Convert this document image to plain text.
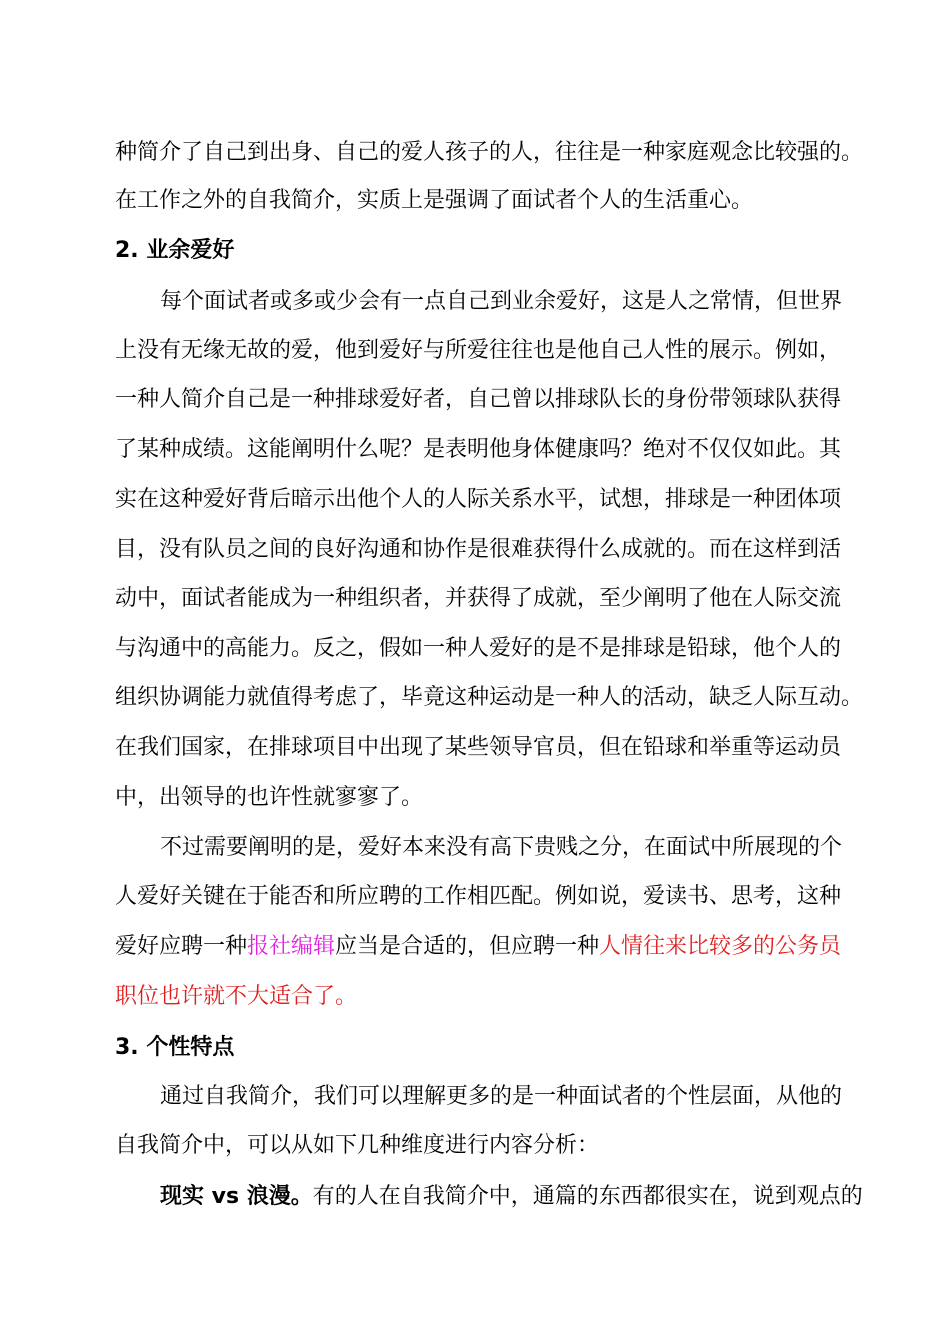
种简介了自己到出身、自己的爱人孩子的人，往往是一种家庭观念比较强的。
在工作之外的自我简介，实质上是强调了面试者个人的生活重心。
2. 业余爱好
每个面试者或多或少会有一点自己到业余爱好，这是人之常情，但世界
上没有无缘无故的爱，他到爱好与所爱往往也是他自己人性的展示。例如，
一种人简介自己是一种排球爱好者，自己曾以排球队长的身份带领球队获得
了某种成绩。这能阐明什么呢？是表明他身体健康吗？绝对不仅仅如此。其
实在这种爱好背后暗示出他个人的人际关系水平，试想，排球是一种团体项
目，没有队员之间的良好沟通和协作是很难获得什么成就的。而在这样到活
动中，面试者能成为一种组织者，并获得了成就，至少阐明了他在人际交流
与沟通中的高能力。反之，假如一种人爱好的是不是排球是铅球，他个人的
组织协调能力就值得考虑了，毕竟这种运动是一种人的活动，缺乏人际互动。
在我们国家，在排球项目中出现了某些领导官员，但在铅球和举重等运动员
中，出领导的也许性就寥寥了。
不过需要阐明的是，爱好本来没有高下贵贱之分，在面试中所展现的个
人爱好关键在于能否和所应聘的工作相匹配。例如说，爱读书、思考，这种
爱好应聘一种报社编辑应当是合适的，但应聘一种人情往来比较多的公务员
职位也许就不大适合了。
3. 个性特点
通过自我简介，我们可以理解更多的是一种面试者的个性层面，从他的
自我简介中，可以从如下几种维度进行内容分析：
现实 vs 浪漫。有的人在自我简介中，通篇的东西都很实在，说到观点的
